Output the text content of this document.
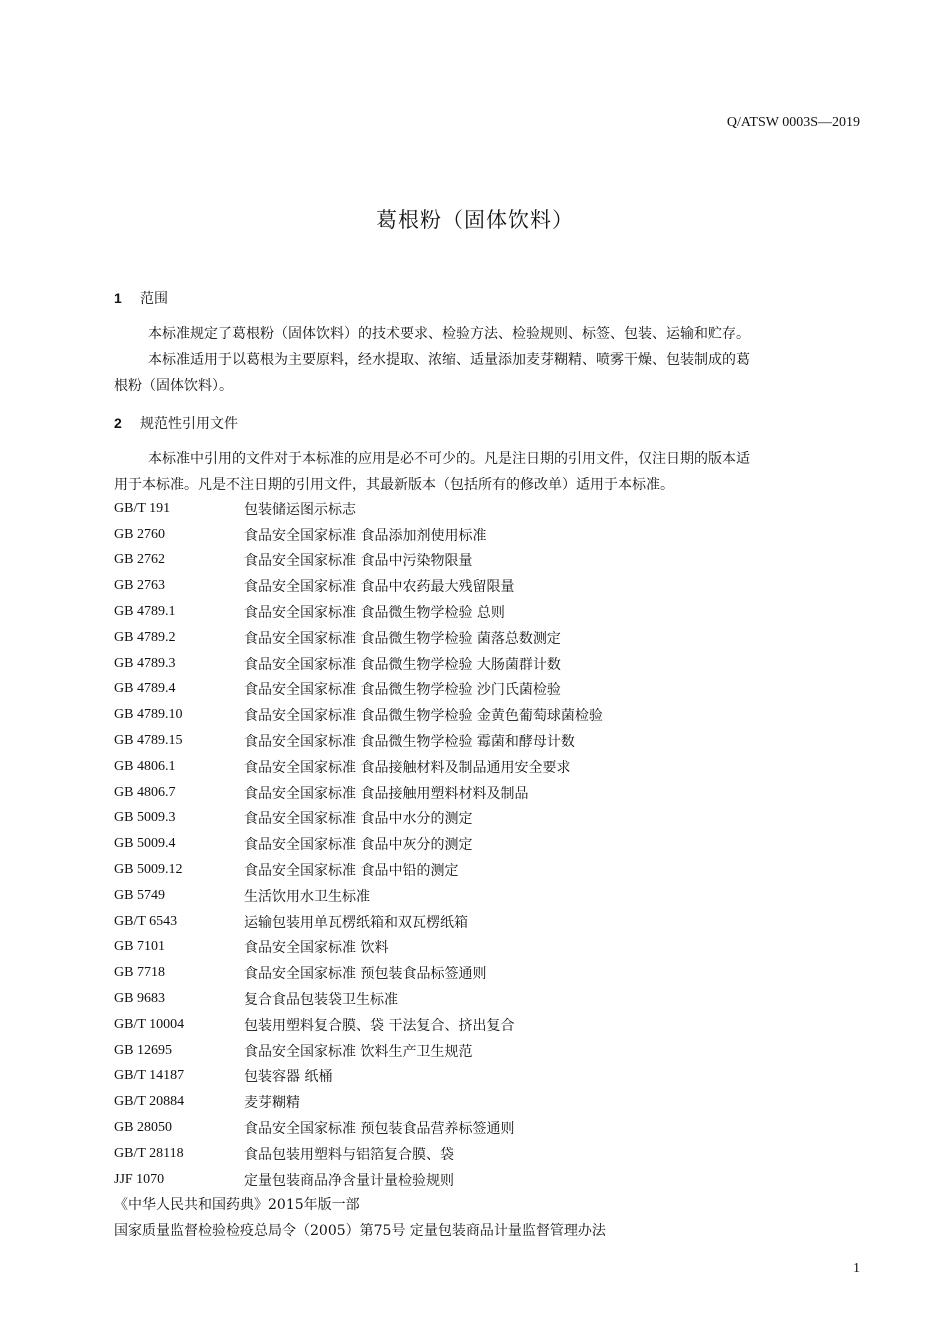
Q/ATSW 0003S—2019
葛根粉（固体饮料）
1 范围
本标准规定了葛根粉（固体饮料）的技术要求、检验方法、检验规则、标签、包装、运输和贮存。
本标准适用于以葛根为主要原料，经水提取、浓缩、适量添加麦芽糊精、喷雾干燥、包装制成的葛
根粉（固体饮料）。
2 规范性引用文件
本标准中引用的文件对于本标准的应用是必不可少的。凡是注日期的引用文件，仅注日期的版本适
用于本标准。凡是不注日期的引用文件，其最新版本（包括所有的修改单）适用于本标准。
GB/T 191	包装储运图示标志
GB 2760	食品安全国家标准 食品添加剂使用标准
GB 2762	食品安全国家标准 食品中污染物限量
GB 2763	食品安全国家标准 食品中农药最大残留限量
GB 4789.1	食品安全国家标准 食品微生物学检验 总则
GB 4789.2	食品安全国家标准 食品微生物学检验 菌落总数测定
GB 4789.3	食品安全国家标准 食品微生物学检验 大肠菌群计数
GB 4789.4	食品安全国家标准 食品微生物学检验 沙门氏菌检验
GB 4789.10	食品安全国家标准 食品微生物学检验 金黄色葡萄球菌检验
GB 4789.15	食品安全国家标准 食品微生物学检验 霉菌和酵母计数
GB 4806.1	食品安全国家标准 食品接触材料及制品通用安全要求
GB 4806.7	食品安全国家标准 食品接触用塑料材料及制品
GB 5009.3	食品安全国家标准 食品中水分的测定
GB 5009.4	食品安全国家标准 食品中灰分的测定
GB 5009.12	食品安全国家标准 食品中铅的测定
GB 5749	生活饮用水卫生标准
GB/T 6543	运输包装用单瓦楞纸箱和双瓦楞纸箱
GB 7101	食品安全国家标准 饮料
GB 7718	食品安全国家标准 预包装食品标签通则
GB 9683	复合食品包装袋卫生标准
GB/T 10004	包装用塑料复合膜、袋 干法复合、挤出复合
GB 12695	食品安全国家标准 饮料生产卫生规范
GB/T 14187	包装容器 纸桶
GB/T 20884	麦芽糊精
GB 28050	食品安全国家标准 预包装食品营养标签通则
GB/T 28118	食品包装用塑料与铝箔复合膜、袋
JJF 1070	定量包装商品净含量计量检验规则
《中华人民共和国药典》2015年版一部
国家质量监督检验检疫总局令（2005）第75号 定量包装商品计量监督管理办法
1
